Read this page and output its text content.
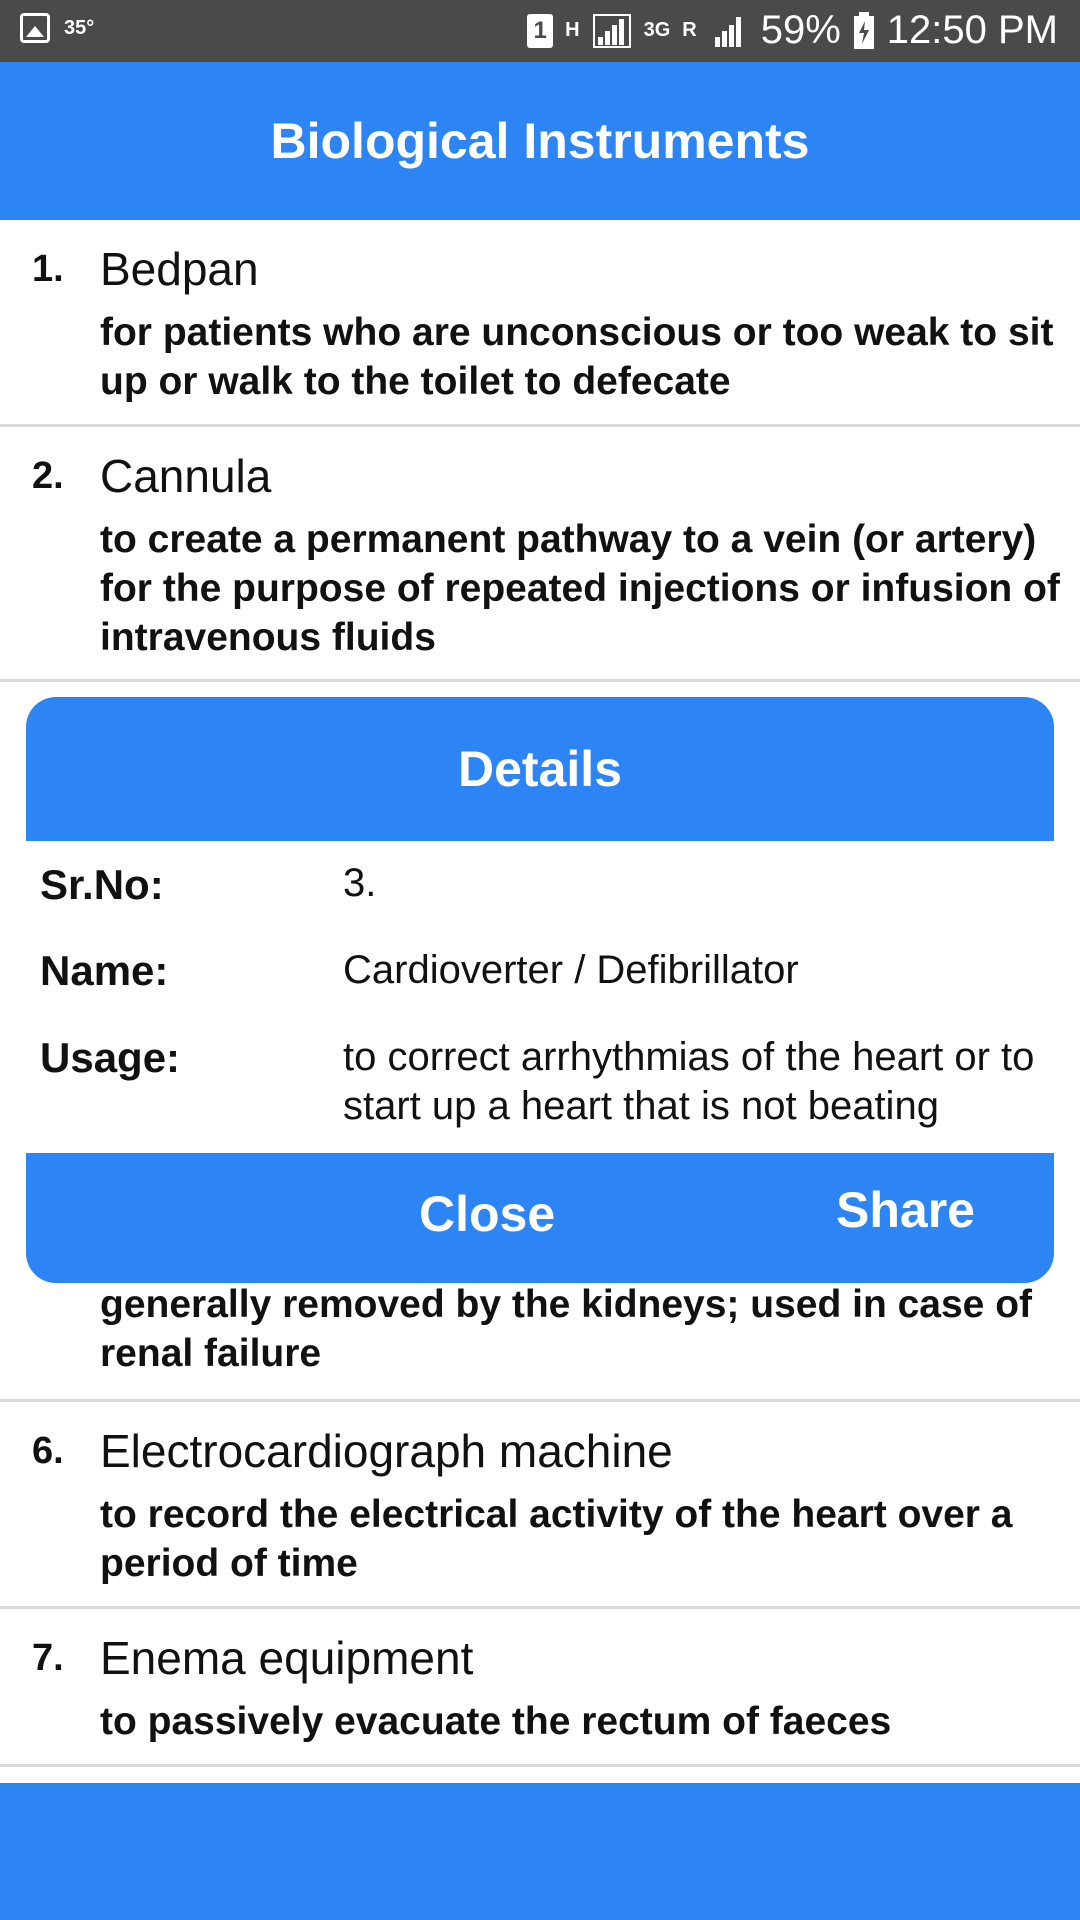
35°	1 H	3G R 59% 12:50 PM
Biological Instruments
1. Bedpan
for patients who are unconscious or too weak to sit up or walk to the toilet to defecate
2. Cannula
to create a permanent pathway to a vein (or artery) for the purpose of repeated injections or infusion of intravenous fluids
generally removed by the kidneys; used in case of renal failure
6. Electrocardiograph machine
to record the electrical activity of the heart over a period of time
7. Enema equipment
to passively evacuate the rectum of faeces
Details
Sr.No:	3.
Name:	Cardioverter / Defibrillator
Usage:	to correct arrhythmias of the heart or to start up a heart that is not beating
Close	Share
